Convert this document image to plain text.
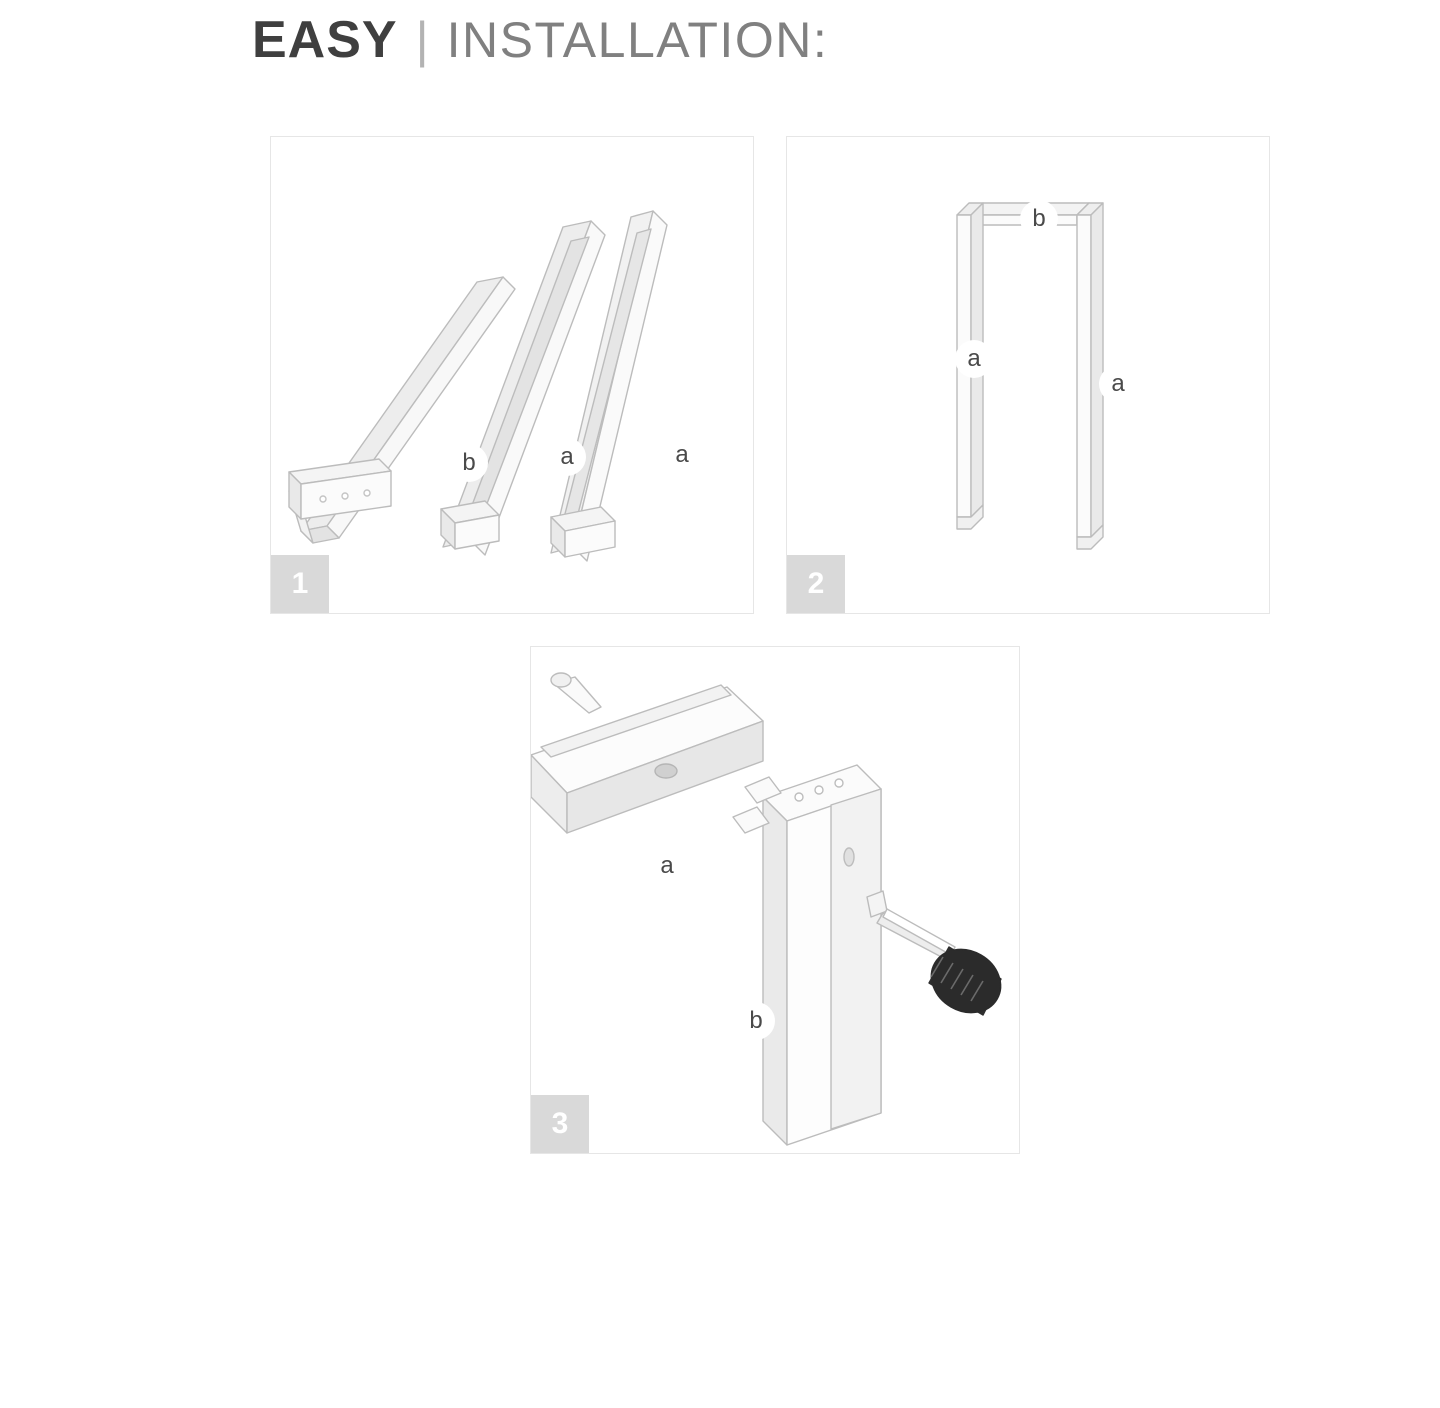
EASY | INSTALLATION:
b	a	a
1
b
a
a
2
a
b
3
